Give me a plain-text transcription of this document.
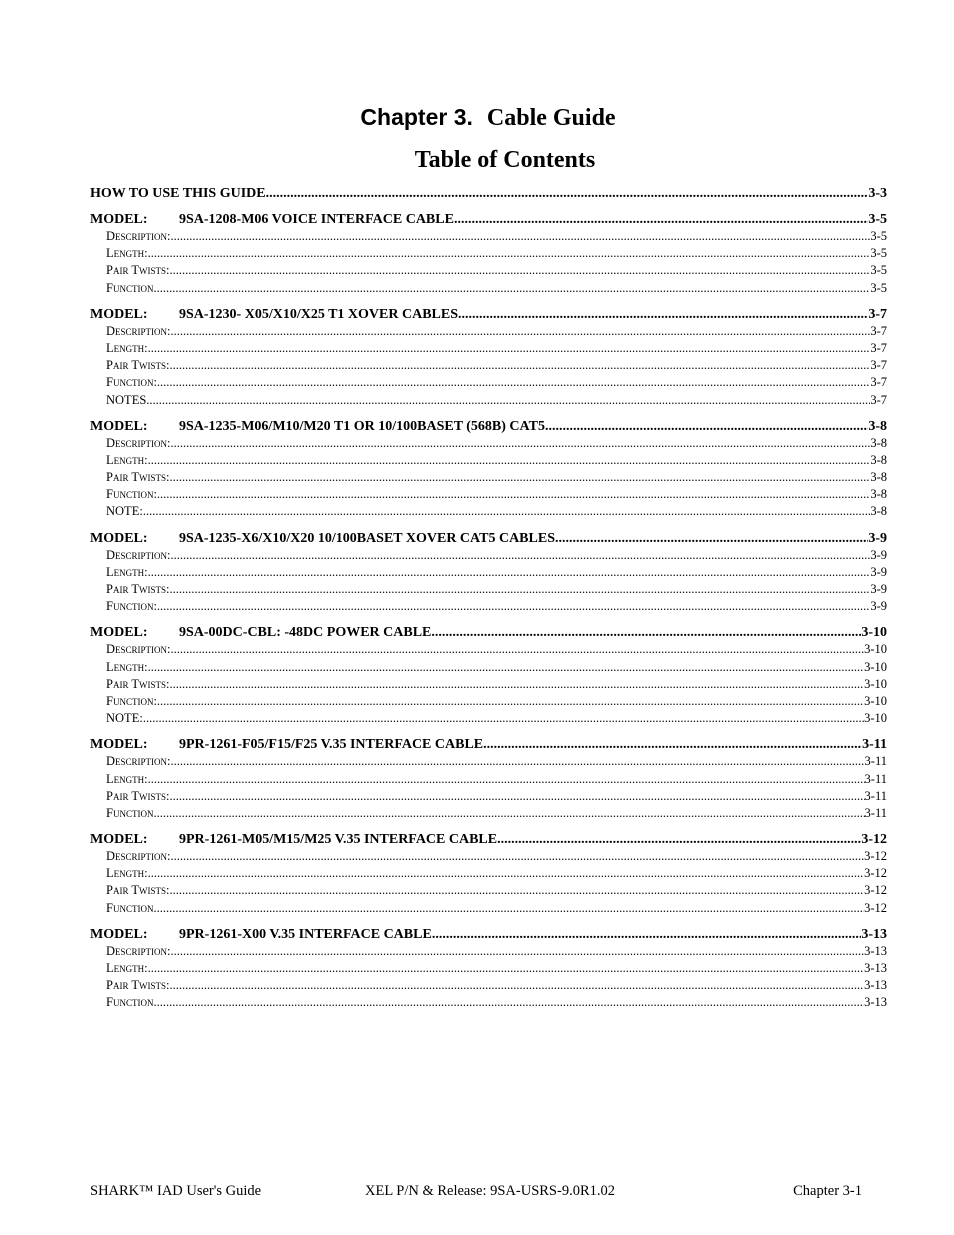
Chapter 3. Cable Guide
Table of Contents
HOW TO USE THIS GUIDE .....	3-3
MODEL: 9SA-1208-M06 VOICE INTERFACE CABLE .....	3-5
Description: .....	3-5
Length: .....	3-5
Pair Twists: .....	3-5
Function .....	3-5
MODEL: 9SA-1230- X05/X10/X25 T1 XOVER CABLES .....	3-7
Description: .....	3-7
Length: .....	3-7
Pair Twists: .....	3-7
Function: .....	3-7
NOTES .....	3-7
MODEL: 9SA-1235-M06/M10/M20 T1 OR 10/100BASET (568B) CAT5 .....	3-8
Description: .....	3-8
Length: .....	3-8
Pair Twists: .....	3-8
Function: .....	3-8
NOTE: .....	3-8
MODEL: 9SA-1235-X6/X10/X20 10/100BASET XOVER CAT5 CABLES .....	3-9
Description: .....	3-9
Length: .....	3-9
Pair Twists: .....	3-9
Function: .....	3-9
MODEL: 9SA-00DC-CBL: -48DC POWER CABLE .....	3-10
Description: .....	3-10
Length: .....	3-10
Pair Twists: .....	3-10
Function: .....	3-10
NOTE: .....	3-10
MODEL: 9PR-1261-F05/F15/F25 V.35 INTERFACE CABLE .....	3-11
Description: .....	3-11
Length: .....	3-11
Pair Twists: .....	3-11
Function .....	3-11
MODEL: 9PR-1261-M05/M15/M25 V.35 INTERFACE CABLE .....	3-12
Description: .....	3-12
Length: .....	3-12
Pair Twists: .....	3-12
Function .....	3-12
MODEL: 9PR-1261-X00 V.35 INTERFACE CABLE .....	3-13
Description: .....	3-13
Length: .....	3-13
Pair Twists: .....	3-13
Function .....	3-13
SHARK™ IAD User's Guide	XEL P/N & Release: 9SA-USRS-9.0R1.02	Chapter 3-1
